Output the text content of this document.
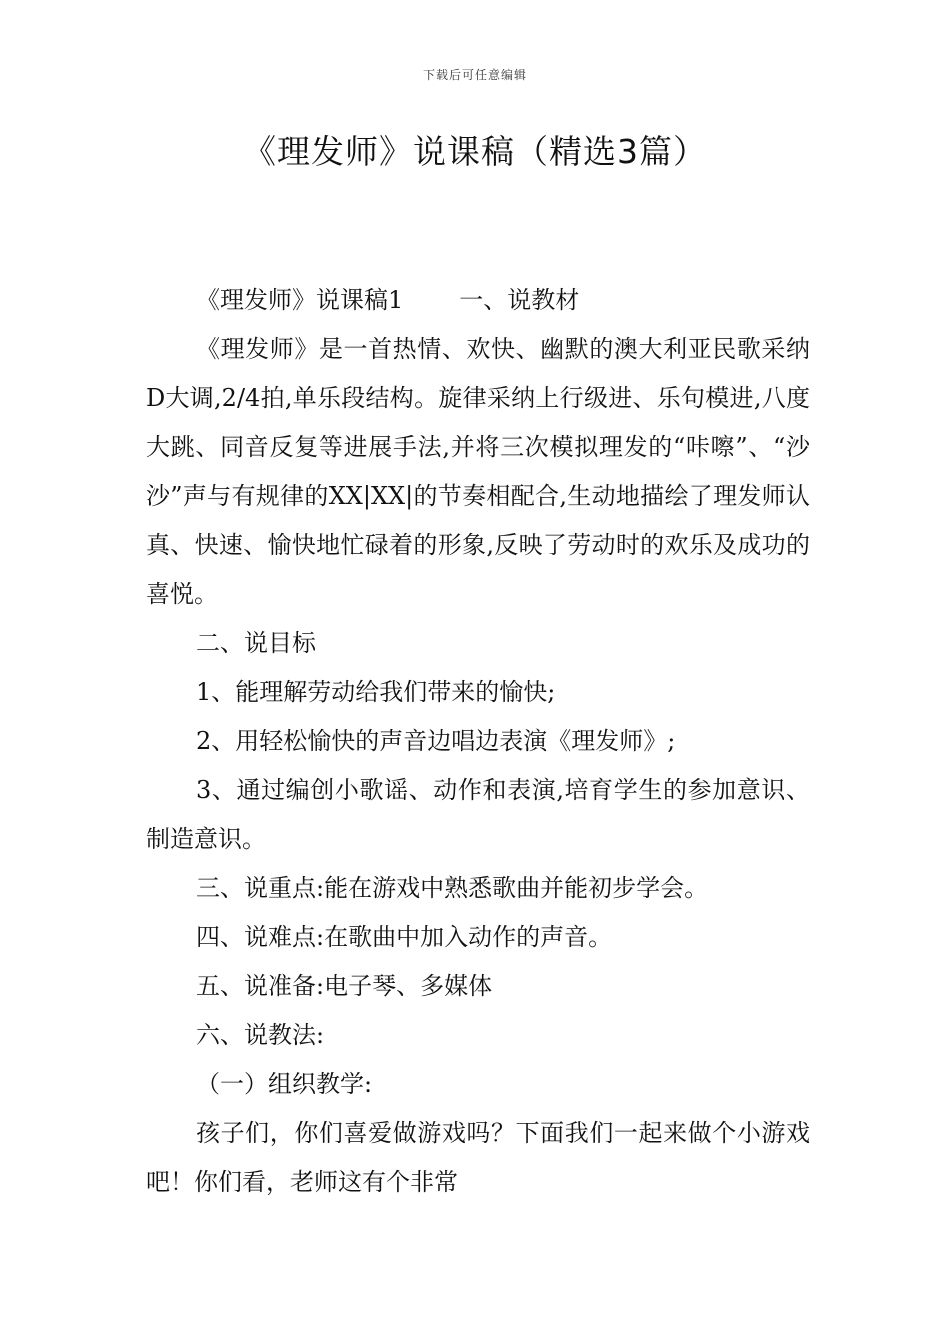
下载后可任意编辑
《理发师》说课稿（精选3篇）

《理发师》说课稿1 一、说教材

《理发师》是一首热情、欢快、幽默的澳大利亚民歌采纳D大调,2/4拍,单乐段结构。旋律采纳上行级进、乐句模进,八度大跳、同音反复等进展手法,并将三次模拟理发的“咔嚓”、“沙沙”声与有规律的XX|XX|的节奏相配合,生动地描绘了理发师认真、快速、愉快地忙碌着的形象,反映了劳动时的欢乐及成功的喜悦。

二、说目标

1、能理解劳动给我们带来的愉快;

2、用轻松愉快的声音边唱边表演《理发师》;

3、通过编创小歌谣、动作和表演,培育学生的参加意识、制造意识。

三、说重点:能在游戏中熟悉歌曲并能初步学会。

四、说难点:在歌曲中加入动作的声音。

五、说准备:电子琴、多媒体

六、说教法:

（一）组织教学:

孩子们，你们喜爱做游戏吗？下面我们一起来做个小游戏吧！你们看，老师这有个非常
